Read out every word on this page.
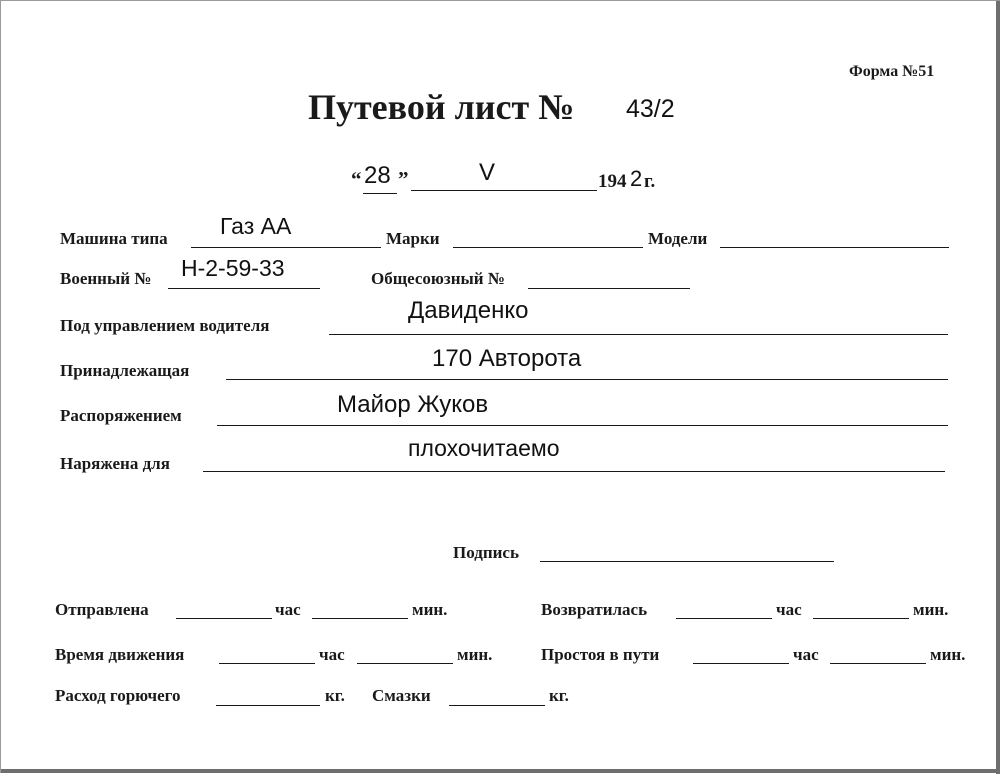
Форма №51
Путевой лист № 43/2
“ 28 ”	V	194 2 г.
Машина типа Газ АА	Марки	Модели
Военный № Н-2-59-33	Общесоюзный №
Под управлением водителя
Давиденко
Принадлежащая	170 Авторота
Распоряжением	Майор Жуков
Наряжена для
плохочитаемо
Подпись
Отправлена	час	мин.	Возвратилась	час	мин.
Время движения	час	мин.	Простоя в пути	час	мин.
Расход горючего	кг. Смазки	кг.
